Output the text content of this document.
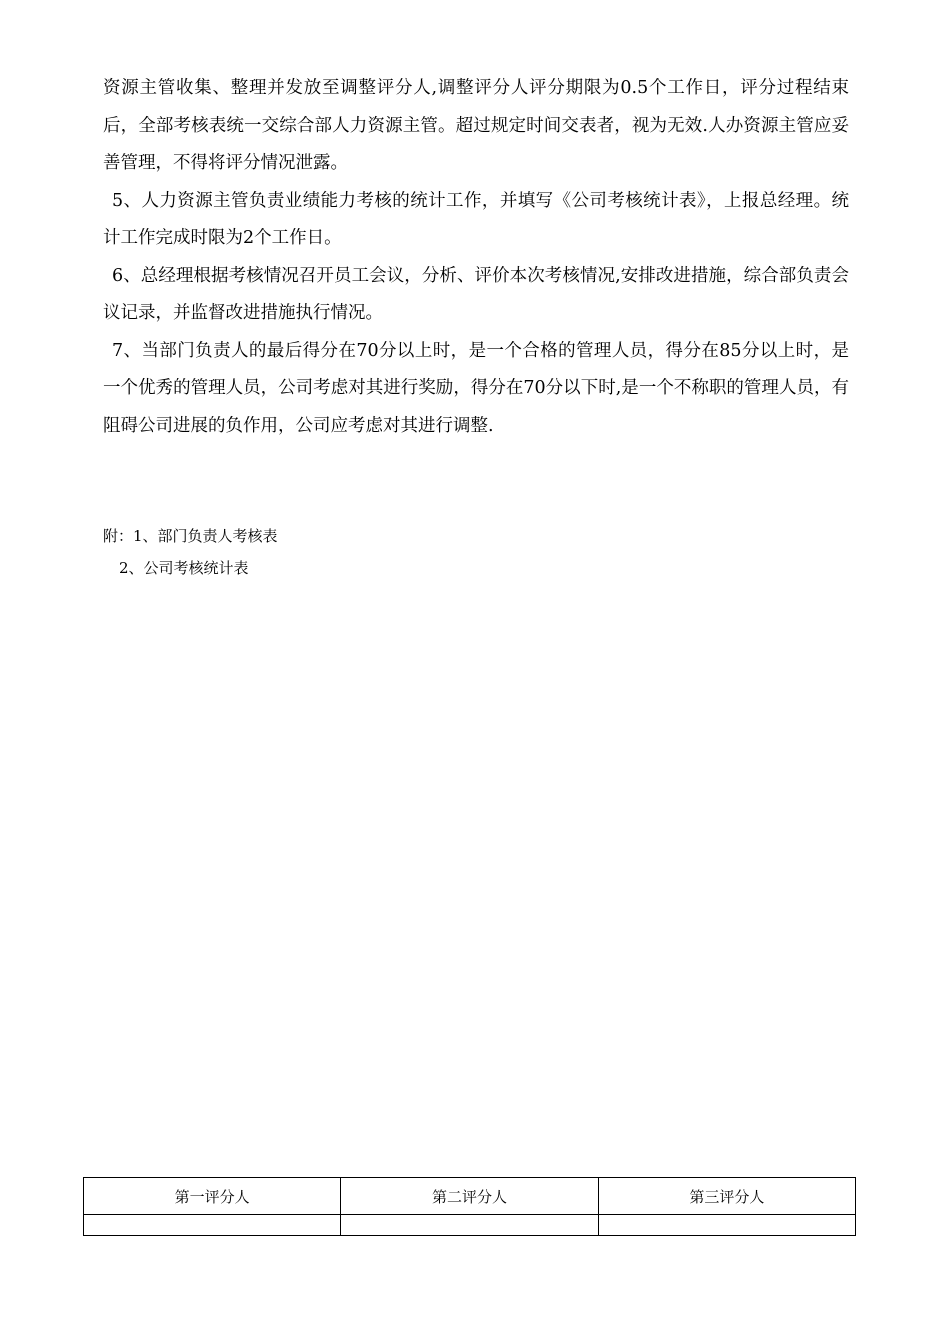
资源主管收集、整理并发放至调整评分人,调整评分人评分期限为0.5个工作日，评分过程结束后，全部考核表统一交综合部人力资源主管。超过规定时间交表者，视为无效.人办资源主管应妥善管理，不得将评分情况泄露。

5、人力资源主管负责业绩能力考核的统计工作，并填写《公司考核统计表》，上报总经理。统计工作完成时限为2个工作日。

6、总经理根据考核情况召开员工会议，分析、评价本次考核情况,安排改进措施，综合部负责会议记录，并监督改进措施执行情况。

7、当部门负责人的最后得分在70分以上时，是一个合格的管理人员，得分在85分以上时，是一个优秀的管理人员，公司考虑对其进行奖励，得分在70分以下时,是一个不称职的管理人员，有阻碍公司进展的负作用，公司应考虑对其进行调整.

附：1、部门负责人考核表
2、公司考核统计表
第一评分人	第二评分人	第三评分人
